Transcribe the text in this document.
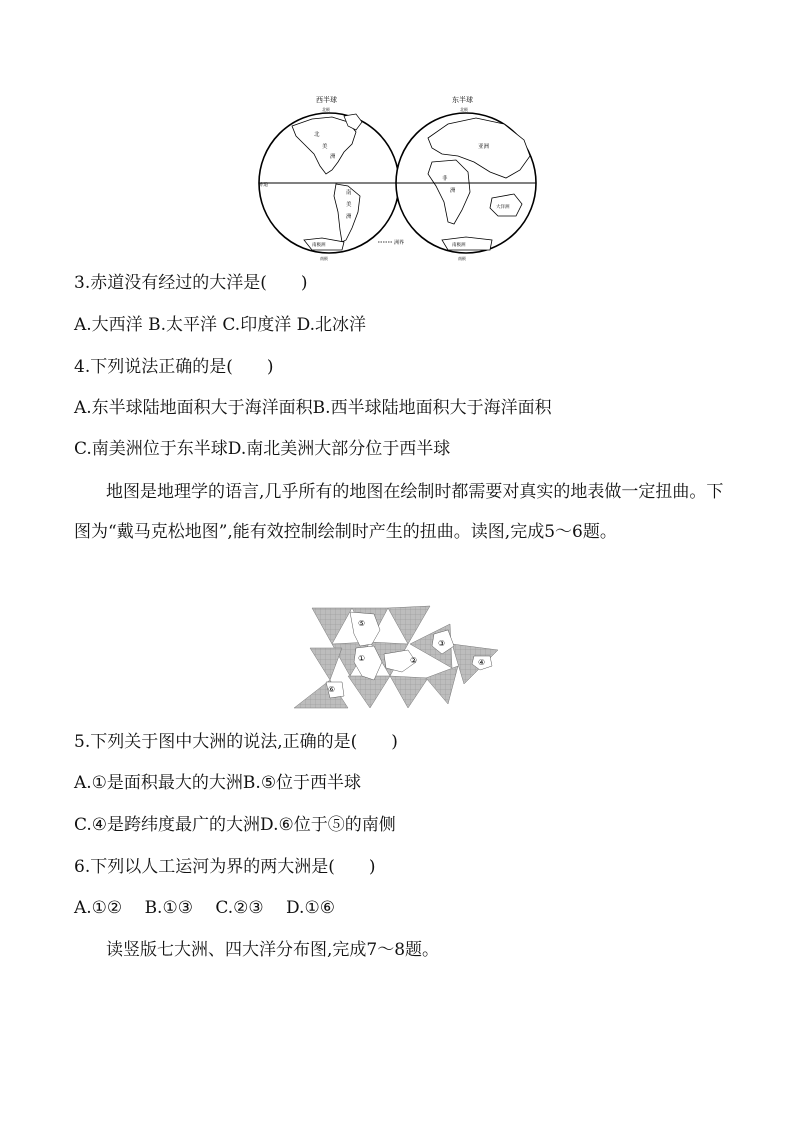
西半球	东半球
北极	北极
北
美
洲
南
美
洲
赤道
南极洲
南极
亚洲
非
洲
大洋洲
南极洲
南极
洲界
3.赤道没有经过的大洋是(　　)
A.大西洋 B.太平洋 C.印度洋 D.北冰洋
4.下列说法正确的是(　　)
A.东半球陆地面积大于海洋面积B.西半球陆地面积大于海洋面积
C.南美洲位于东半球D.南北美洲大部分位于西半球
地图是地理学的语言,几乎所有的地图在绘制时都需要对真实的地表做一定扭曲。下图为“戴马克松地图”,能有效控制绘制时产生的扭曲。读图,完成5～6题。
①	②
③
④
⑤
⑥
5.下列关于图中大洲的说法,正确的是(　　)
A.①是面积最大的大洲B.⑤位于西半球
C.④是跨纬度最广的大洲D.⑥位于⑤的南侧
6.下列以人工运河为界的两大洲是(　　)
A.①②　 B.①③　 C.②③　 D.①⑥
读竖版七大洲、四大洋分布图,完成7～8题。
